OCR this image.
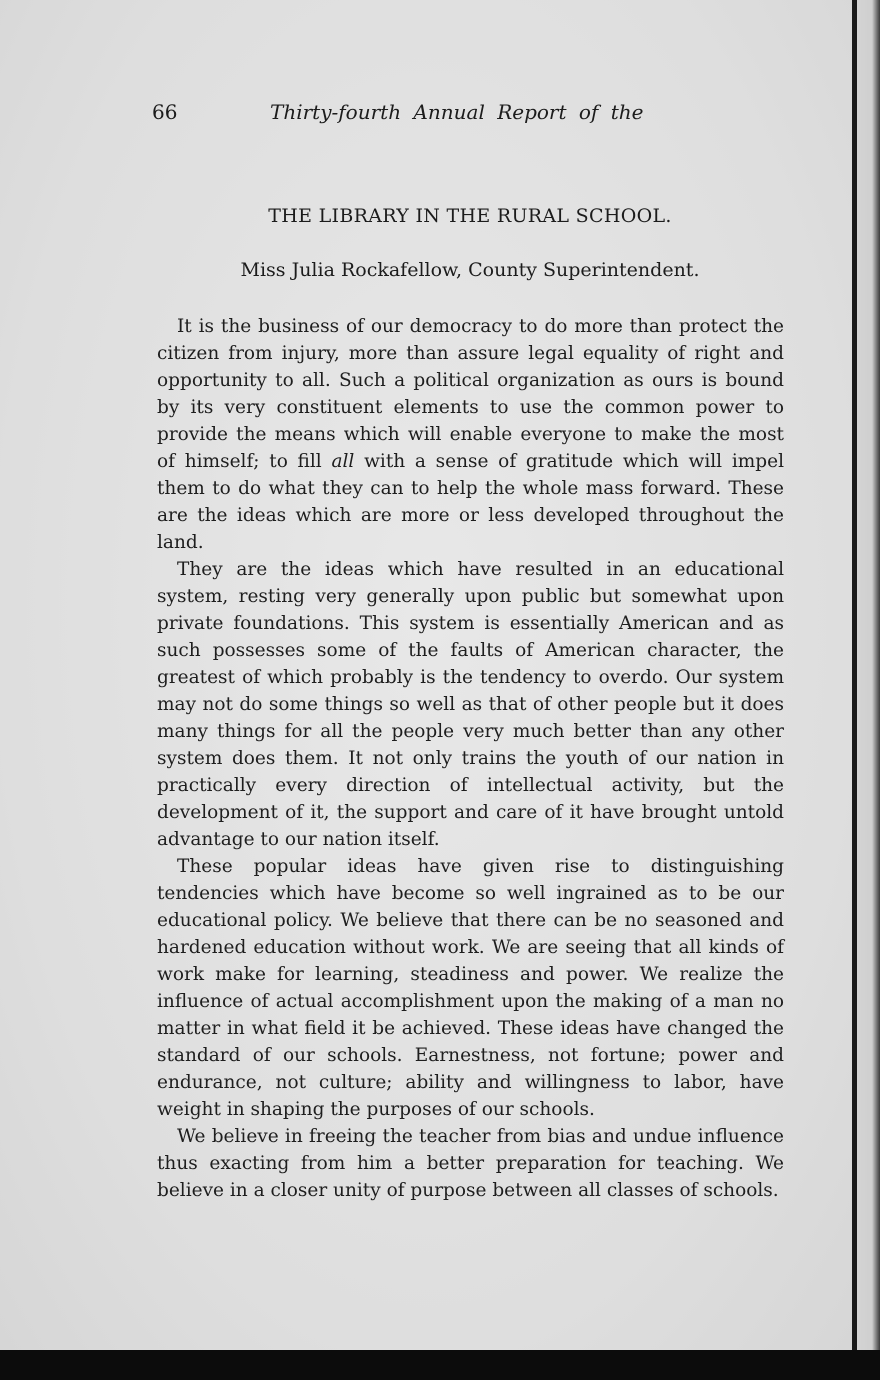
66	Thirty-fourth Annual Report of the
THE LIBRARY IN THE RURAL SCHOOL.
Miss Julia Rockafellow, County Superintendent.

It is the business of our democracy to do more than protect the citizen from injury, more than assure legal equality of right and opportunity to all. Such a political organization as ours is bound by its very constituent elements to use the common power to provide the means which will enable everyone to make the most of himself; to fill all with a sense of gratitude which will impel them to do what they can to help the whole mass forward. These are the ideas which are more or less developed throughout the land.

They are the ideas which have resulted in an educational system, resting very generally upon public but somewhat upon private foundations. This system is essentially American and as such possesses some of the faults of American character, the greatest of which probably is the tendency to overdo. Our system may not do some things so well as that of other people but it does many things for all the people very much better than any other system does them. It not only trains the youth of our nation in practically every direction of intellectual activity, but the development of it, the support and care of it have brought untold advantage to our nation itself.

These popular ideas have given rise to distinguishing tendencies which have become so well ingrained as to be our educational policy. We believe that there can be no seasoned and hardened education without work. We are seeing that all kinds of work make for learning, steadiness and power. We realize the influence of actual accomplishment upon the making of a man no matter in what field it be achieved. These ideas have changed the standard of our schools. Earnestness, not fortune; power and endurance, not culture; ability and willingness to labor, have weight in shaping the purposes of our schools.

We believe in freeing the teacher from bias and undue influence thus exacting from him a better preparation for teaching. We believe in a closer unity of purpose between all classes of schools.
